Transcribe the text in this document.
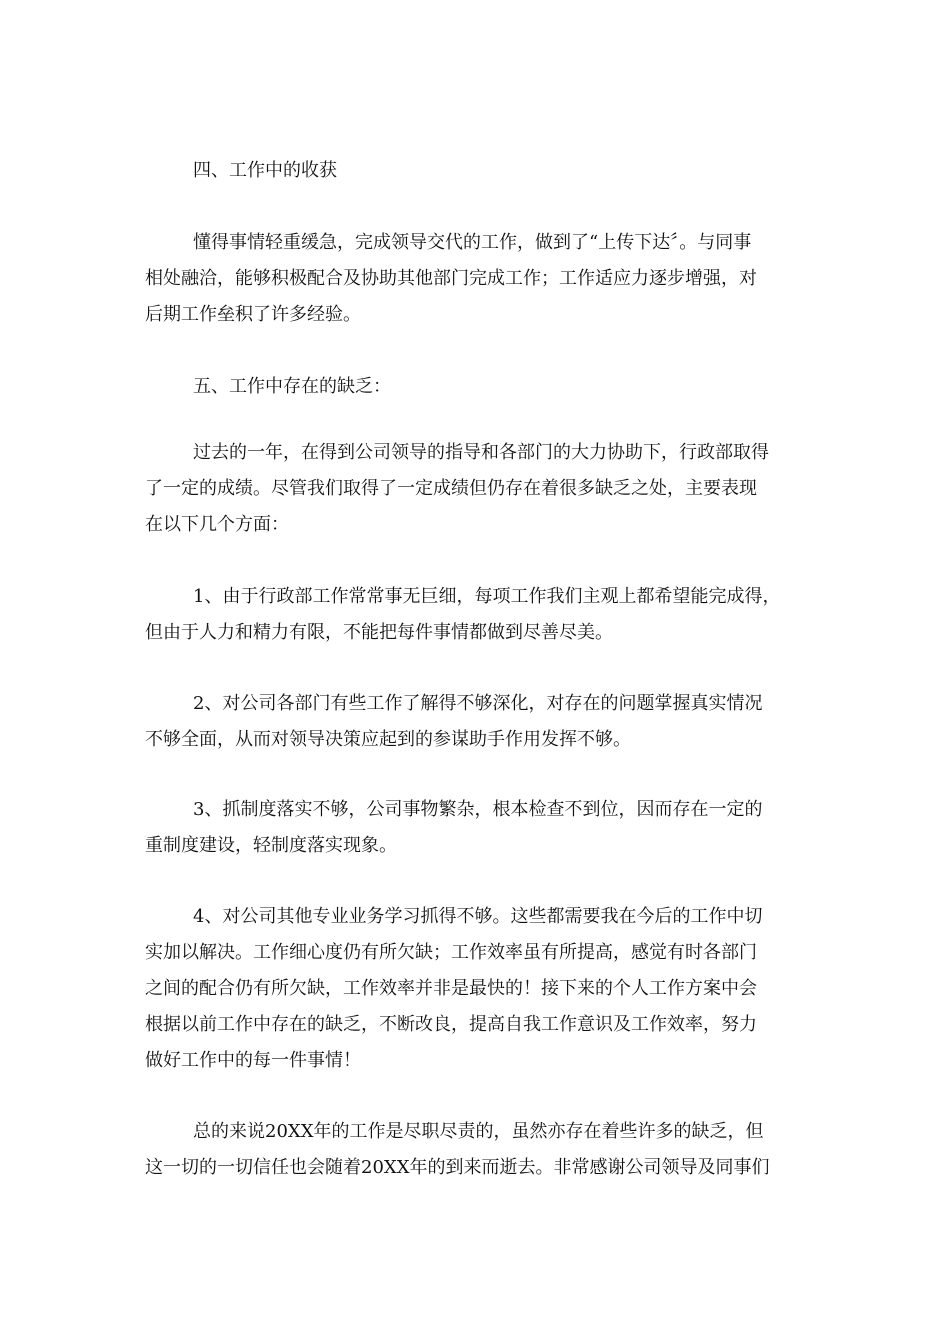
四、工作中的收获
懂得事情轻重缓急，完成领导交代的工作，做到了“上传下达〞。与同事
相处融洽，能够积极配合及协助其他部门完成工作；工作适应力逐步增强，对
后期工作垒积了许多经验。
五、工作中存在的缺乏：
过去的一年，在得到公司领导的指导和各部门的大力协助下，行政部取得
了一定的成绩。尽管我们取得了一定成绩但仍存在着很多缺乏之处，主要表现
在以下几个方面：
1、由于行政部工作常常事无巨细，每项工作我们主观上都希望能完成得，
但由于人力和精力有限，不能把每件事情都做到尽善尽美。
2、对公司各部门有些工作了解得不够深化，对存在的问题掌握真实情况
不够全面，从而对领导决策应起到的参谋助手作用发挥不够。
3、抓制度落实不够，公司事物繁杂，根本检查不到位，因而存在一定的
重制度建设，轻制度落实现象。
4、对公司其他专业业务学习抓得不够。这些都需要我在今后的工作中切
实加以解决。工作细心度仍有所欠缺；工作效率虽有所提高，感觉有时各部门
之间的配合仍有所欠缺，工作效率并非是最快的！接下来的个人工作方案中会
根据以前工作中存在的缺乏，不断改良，提高自我工作意识及工作效率，努力
做好工作中的每一件事情！
总的来说20XX年的工作是尽职尽责的，虽然亦存在着些许多的缺乏，但
这一切的一切信任也会随着20XX年的到来而逝去。非常感谢公司领导及同事们
